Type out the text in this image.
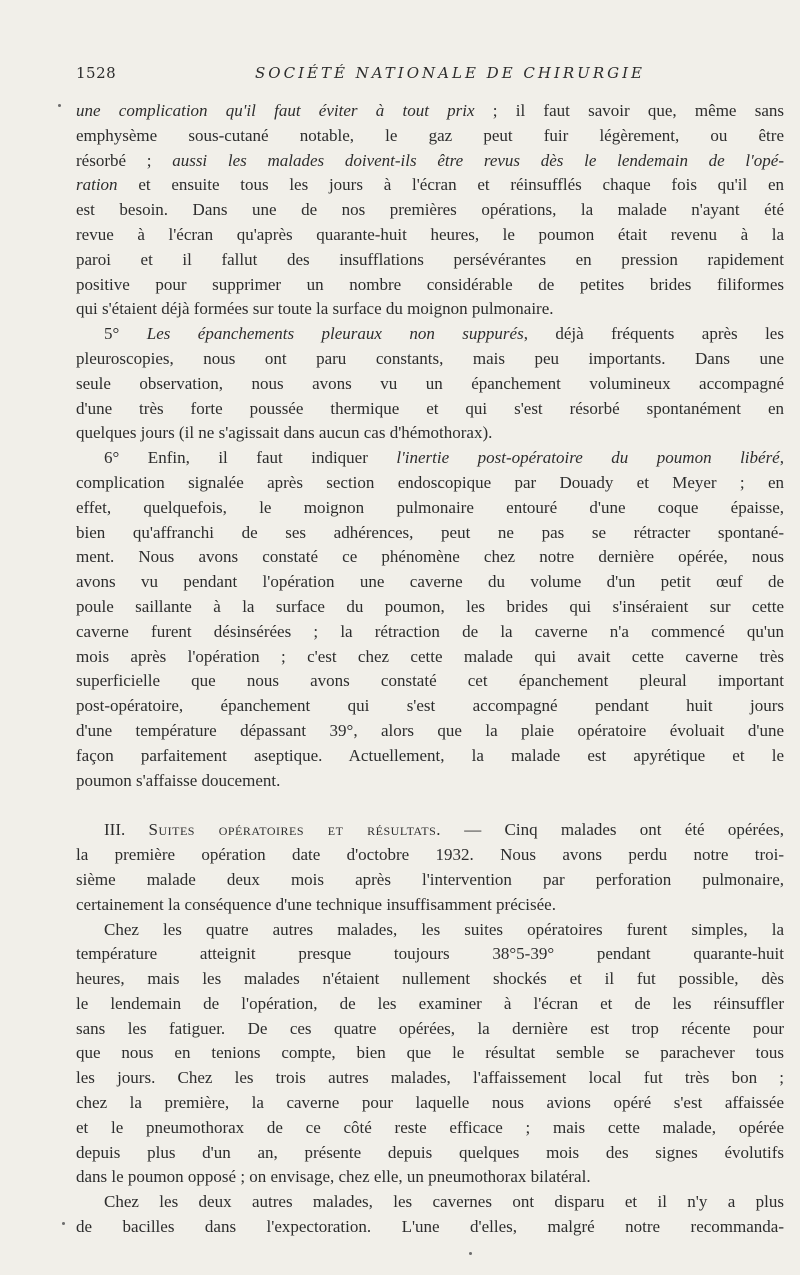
1528	SOCIÉTÉ NATIONALE DE CHIRURGIE
une complication qu'il faut éviter à tout prix ; il faut savoir que, même sans
emphysème sous-cutané notable, le gaz peut fuir légèrement, ou être
résorbé ; aussi les malades doivent-ils être revus dès le lendemain de l'opé-
ration et ensuite tous les jours à l'écran et réinsufflés chaque fois qu'il en
est besoin. Dans une de nos premières opérations, la malade n'ayant été
revue à l'écran qu'après quarante-huit heures, le poumon était revenu à la
paroi et il fallut des insufflations persévérantes en pression rapidement
positive pour supprimer un nombre considérable de petites brides filiformes
qui s'étaient déjà formées sur toute la surface du moignon pulmonaire.
5° Les épanchements pleuraux non suppurés, déjà fréquents après les
pleuroscopies, nous ont paru constants, mais peu importants. Dans une
seule observation, nous avons vu un épanchement volumineux accompagné
d'une très forte poussée thermique et qui s'est résorbé spontanément en
quelques jours (il ne s'agissait dans aucun cas d'hémothorax).
6° Enfin, il faut indiquer l'inertie post-opératoire du poumon libéré,
complication signalée après section endoscopique par Douady et Meyer ; en
effet, quelquefois, le moignon pulmonaire entouré d'une coque épaisse,
bien qu'affranchi de ses adhérences, peut ne pas se rétracter spontané-
ment. Nous avons constaté ce phénomène chez notre dernière opérée, nous
avons vu pendant l'opération une caverne du volume d'un petit œuf de
poule saillante à la surface du poumon, les brides qui s'inséraient sur cette
caverne furent désinsérées ; la rétraction de la caverne n'a commencé qu'un
mois après l'opération ; c'est chez cette malade qui avait cette caverne très
superficielle que nous avons constaté cet épanchement pleural important
post-opératoire, épanchement qui s'est accompagné pendant huit jours
d'une température dépassant 39°, alors que la plaie opératoire évoluait d'une
façon parfaitement aseptique. Actuellement, la malade est apyrétique et le
poumon s'affaisse doucement.
III. Suites opératoires et résultats. — Cinq malades ont été opérées,
la première opération date d'octobre 1932. Nous avons perdu notre troi-
sième malade deux mois après l'intervention par perforation pulmonaire,
certainement la conséquence d'une technique insuffisamment précisée.
Chez les quatre autres malades, les suites opératoires furent simples, la
température atteignit presque toujours 38°5-39° pendant quarante-huit
heures, mais les malades n'étaient nullement shockés et il fut possible, dès
le lendemain de l'opération, de les examiner à l'écran et de les réinsuffler
sans les fatiguer. De ces quatre opérées, la dernière est trop récente pour
que nous en tenions compte, bien que le résultat semble se parachever tous
les jours. Chez les trois autres malades, l'affaissement local fut très bon ;
chez la première, la caverne pour laquelle nous avions opéré s'est affaissée
et le pneumothorax de ce côté reste efficace ; mais cette malade, opérée
depuis plus d'un an, présente depuis quelques mois des signes évolutifs
dans le poumon opposé ; on envisage, chez elle, un pneumothorax bilatéral.
Chez les deux autres malades, les cavernes ont disparu et il n'y a plus
de bacilles dans l'expectoration. L'une d'elles, malgré notre recommanda-
